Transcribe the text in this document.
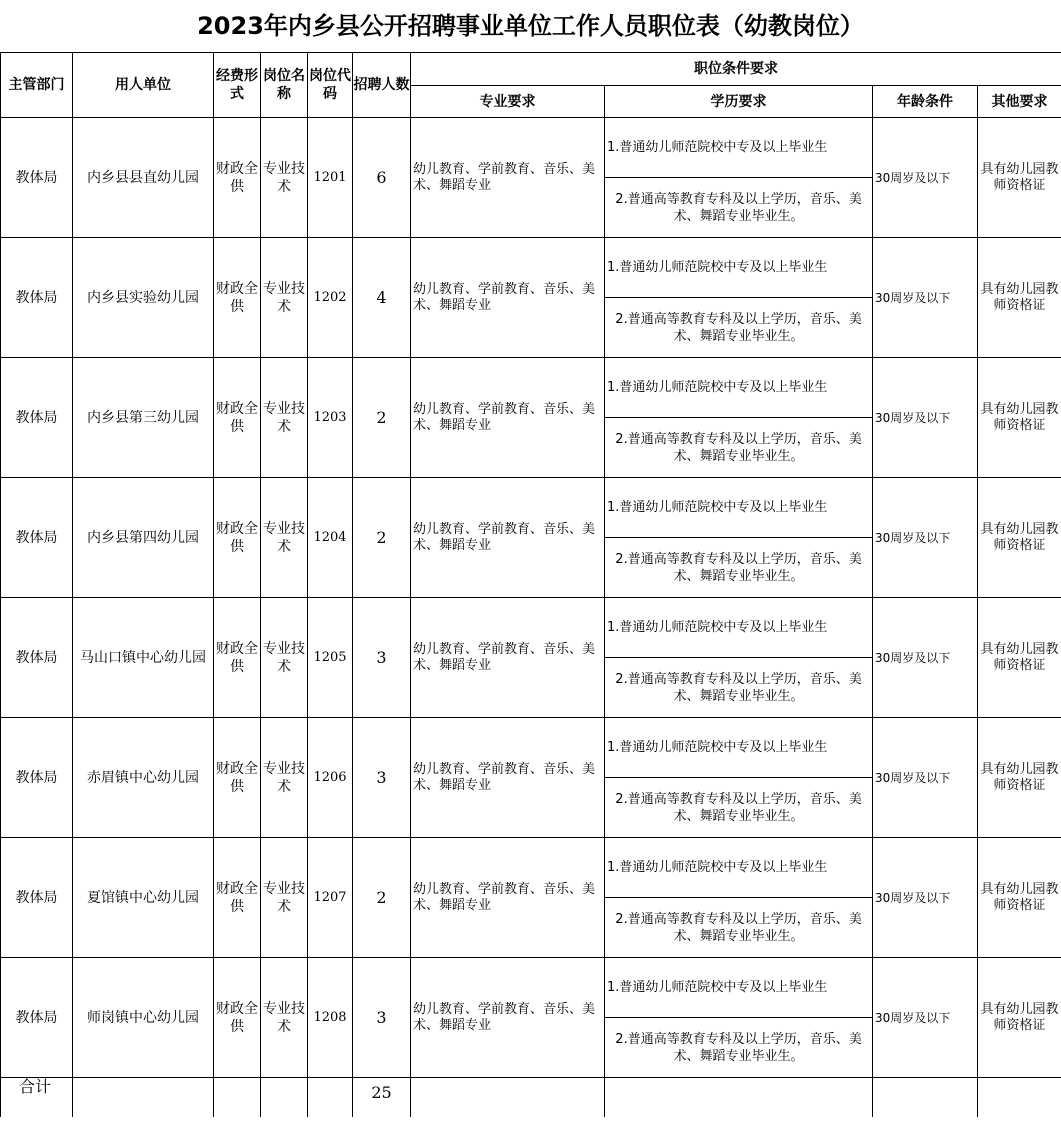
2023年内乡县公开招聘事业单位工作人员职位表（幼教岗位）
主管部门	用人单位	经费形式	岗位名称	岗位代码	招聘人数	职位条件要求			
						专业要求	学历要求	年龄条件	其他要求
教体局	内乡县县直幼儿园	财政全供	专业技术	1201	6	幼儿教育、学前教育、音乐、美术、舞蹈专业	1.普通幼儿师范院校中专及以上毕业生	30周岁及以下	具有幼儿园教师资格证
							2.普通高等教育专科及以上学历，音乐、美术、舞蹈专业毕业生。		
教体局	内乡县实验幼儿园	财政全供	专业技术	1202	4	幼儿教育、学前教育、音乐、美术、舞蹈专业	1.普通幼儿师范院校中专及以上毕业生	30周岁及以下	具有幼儿园教师资格证
							2.普通高等教育专科及以上学历，音乐、美术、舞蹈专业毕业生。		
教体局	内乡县第三幼儿园	财政全供	专业技术	1203	2	幼儿教育、学前教育、音乐、美术、舞蹈专业	1.普通幼儿师范院校中专及以上毕业生	30周岁及以下	具有幼儿园教师资格证
							2.普通高等教育专科及以上学历，音乐、美术、舞蹈专业毕业生。		
教体局	内乡县第四幼儿园	财政全供	专业技术	1204	2	幼儿教育、学前教育、音乐、美术、舞蹈专业	1.普通幼儿师范院校中专及以上毕业生	30周岁及以下	具有幼儿园教师资格证
							2.普通高等教育专科及以上学历，音乐、美术、舞蹈专业毕业生。		
教体局	马山口镇中心幼儿园	财政全供	专业技术	1205	3	幼儿教育、学前教育、音乐、美术、舞蹈专业	1.普通幼儿师范院校中专及以上毕业生	30周岁及以下	具有幼儿园教师资格证
							2.普通高等教育专科及以上学历，音乐、美术、舞蹈专业毕业生。		
教体局	赤眉镇中心幼儿园	财政全供	专业技术	1206	3	幼儿教育、学前教育、音乐、美术、舞蹈专业	1.普通幼儿师范院校中专及以上毕业生	30周岁及以下	具有幼儿园教师资格证
							2.普通高等教育专科及以上学历，音乐、美术、舞蹈专业毕业生。		
教体局	夏馆镇中心幼儿园	财政全供	专业技术	1207	2	幼儿教育、学前教育、音乐、美术、舞蹈专业	1.普通幼儿师范院校中专及以上毕业生	30周岁及以下	具有幼儿园教师资格证
							2.普通高等教育专科及以上学历，音乐、美术、舞蹈专业毕业生。		
教体局	师岗镇中心幼儿园	财政全供	专业技术	1208	3	幼儿教育、学前教育、音乐、美术、舞蹈专业	1.普通幼儿师范院校中专及以上毕业生	30周岁及以下	具有幼儿园教师资格证
							2.普通高等教育专科及以上学历，音乐、美术、舞蹈专业毕业生。		
合计					25				
